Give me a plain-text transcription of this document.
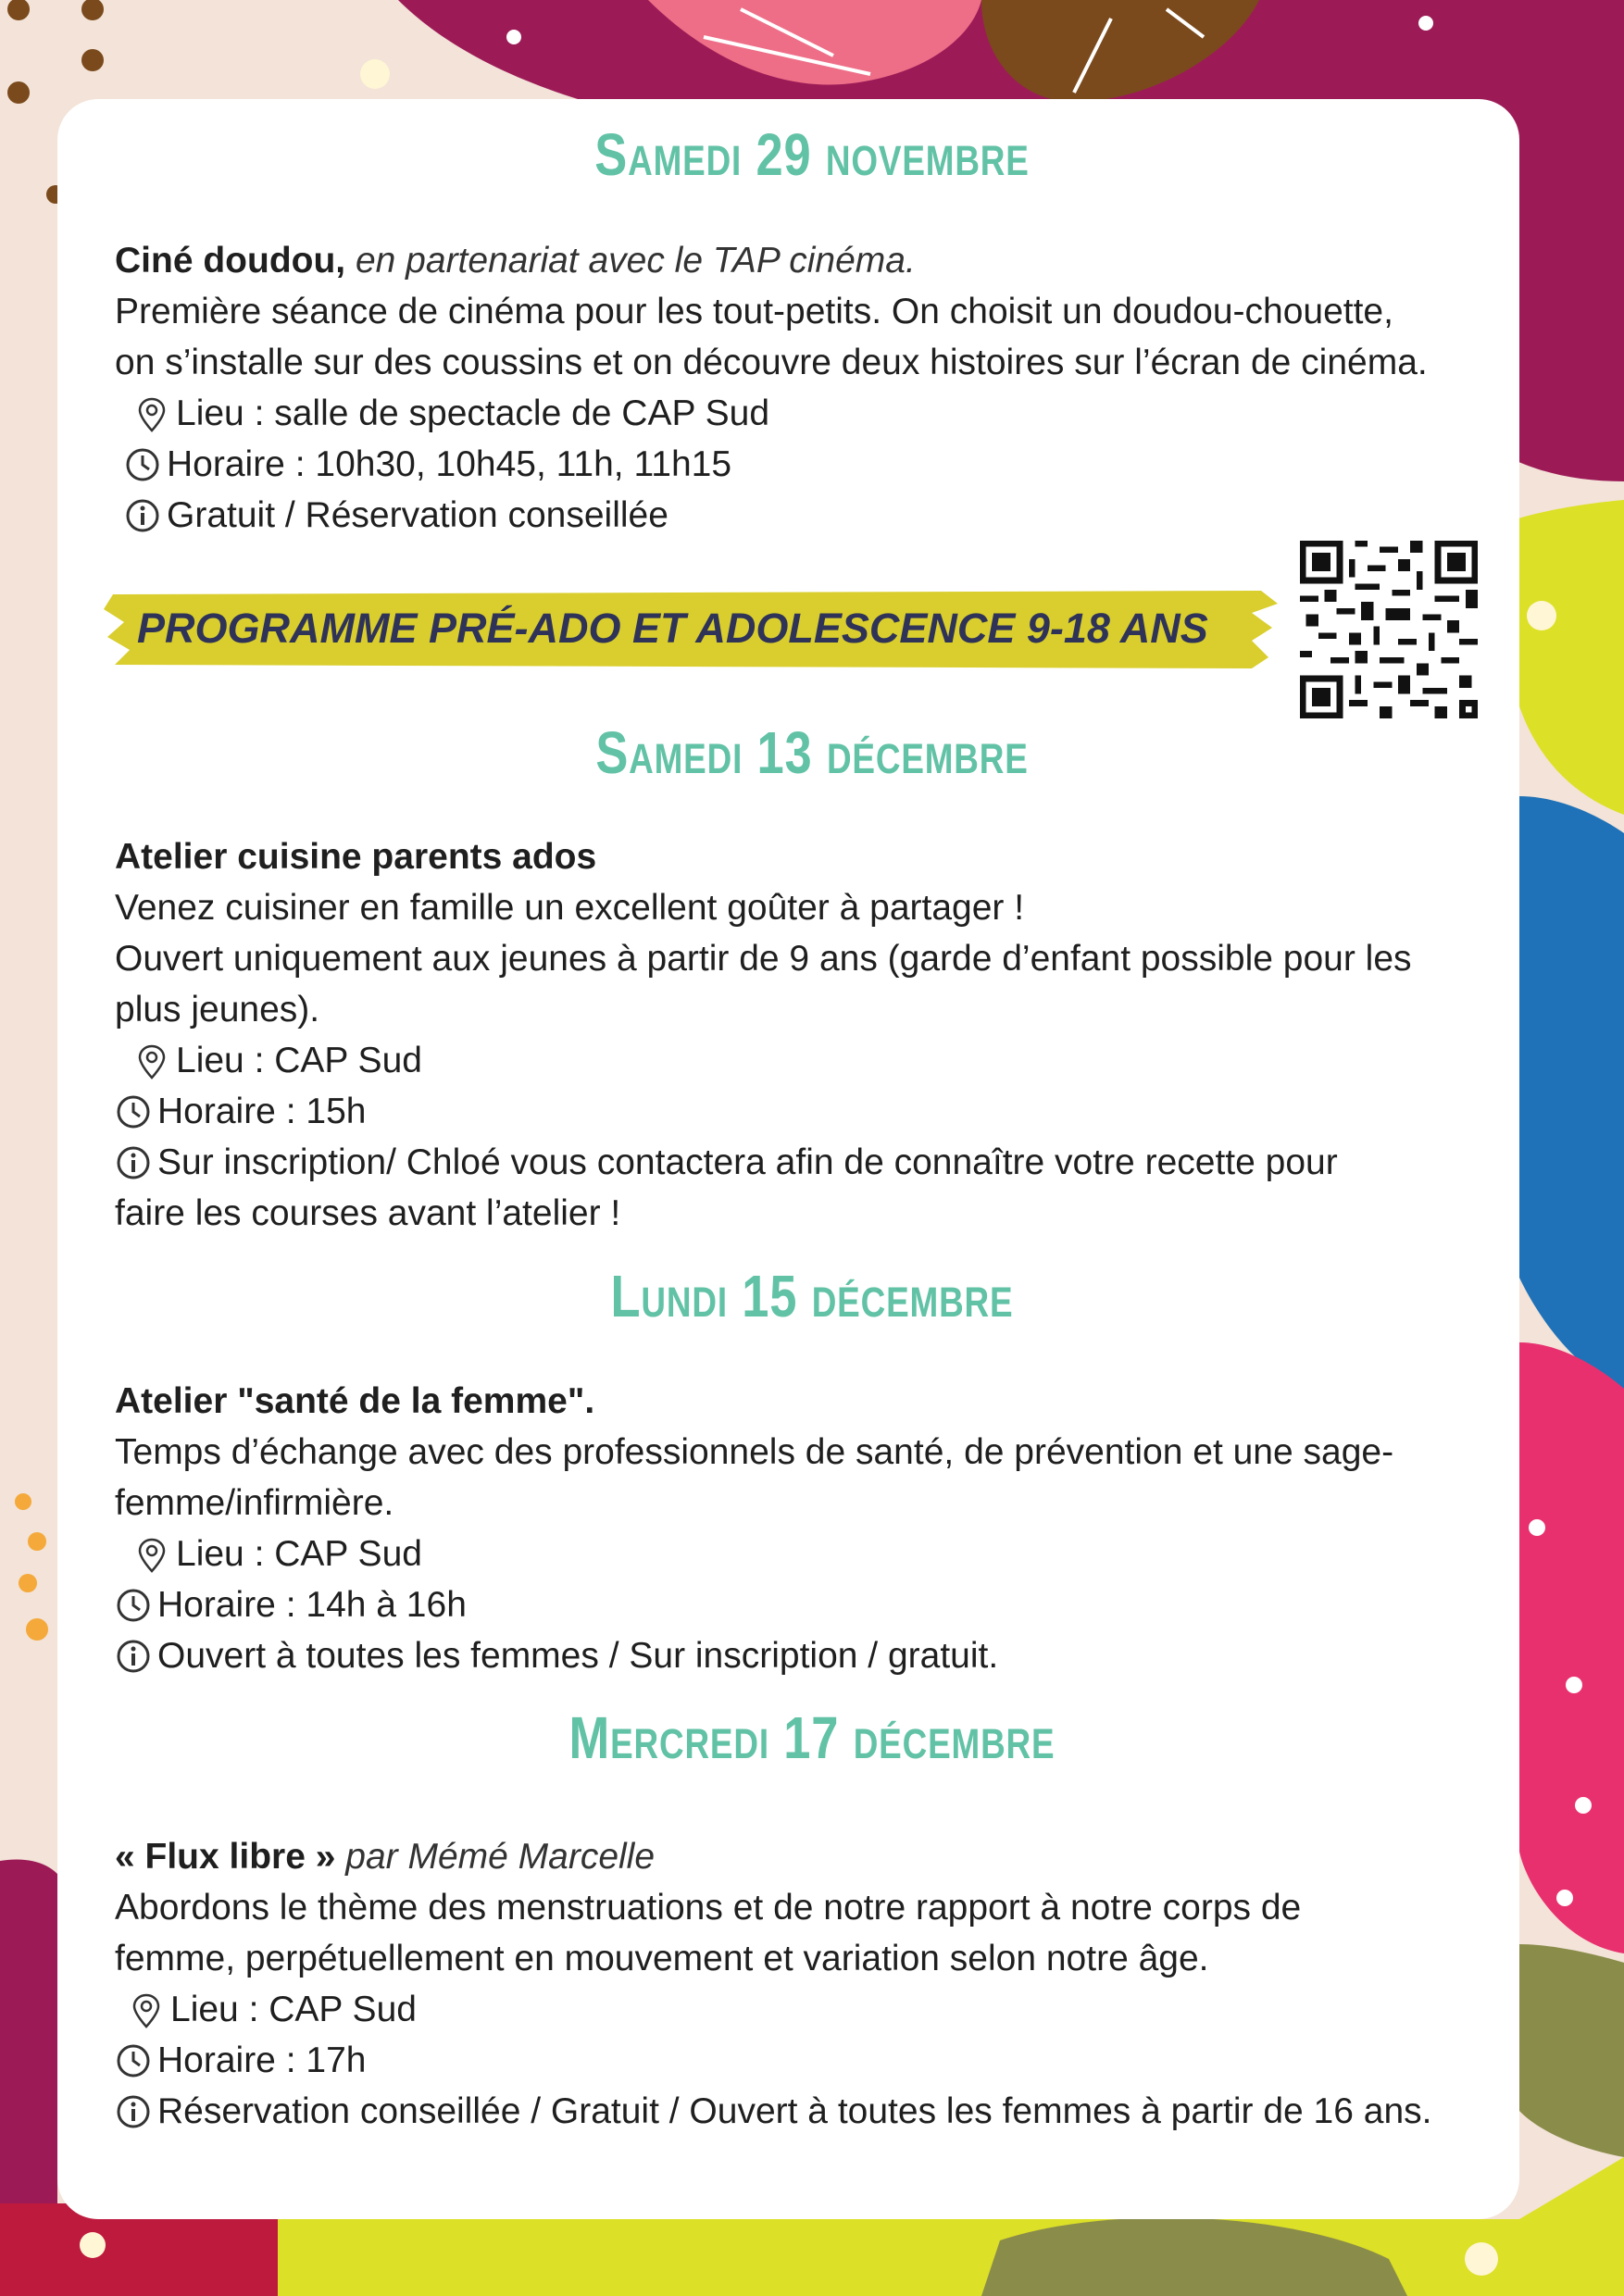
Samedi 29 novembre
Samedi 13 décembre
Lundi 15 décembre
Mercredi 17 décembre

Ciné doudou, en partenariat avec le TAP cinéma.

Première séance de cinéma pour les tout-petits. On choisit un doudou-chouette,

on s’installe sur des coussins et on découvre deux histoires sur l’écran de cinéma.

Lieu : salle de spectacle de CAP Sud

Horaire : 10h30, 10h45, 11h, 11h15

Gratuit / Réservation conseillée

PROGRAMME PRÉ-ADO ET ADOLESCENCE 9-18 ANS

Atelier cuisine parents ados

Venez cuisiner en famille un excellent goûter à partager !

Ouvert uniquement aux jeunes à partir de 9 ans (garde d’enfant possible pour les

plus jeunes).

Lieu : CAP Sud

Horaire : 15h

Sur inscription/ Chloé vous contactera afin de connaître votre recette pour

faire les courses avant l’atelier !

Atelier "santé de la femme".

Temps d’échange avec des professionnels de santé, de prévention et une sage-

femme/infirmière.

Lieu : CAP Sud

Horaire : 14h à 16h

Ouvert à toutes les femmes / Sur inscription / gratuit.

« Flux libre » par Mémé Marcelle

Abordons le thème des menstruations et de notre rapport à notre corps de

femme, perpétuellement en mouvement et variation selon notre âge.

Lieu : CAP Sud

Horaire : 17h

Réservation conseillée / Gratuit / Ouvert à toutes les femmes à partir de 16 ans.
